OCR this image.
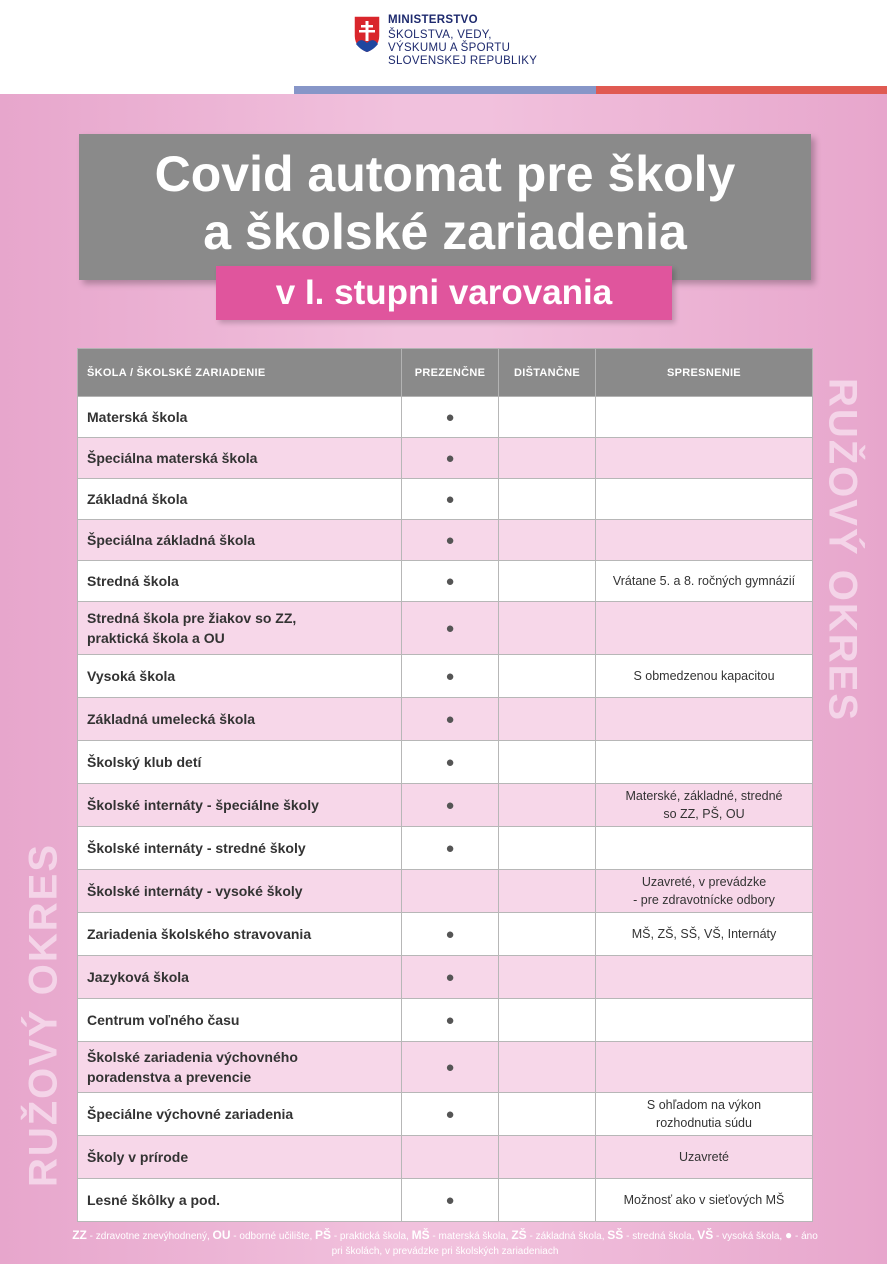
MINISTERSTVO
ŠKOLSTVA, VEDY,
VÝSKUMU A ŠPORTU
SLOVENSKEJ REPUBLIKY
RUŽOVÝ OKRES
RUŽOVÝ OKRES
Covid automat pre školy
a školské zariadenia
v I. stupni varovania
ŠKOLA / ŠKOLSKÉ ZARIADENIE	PREZENČNE	DIŠTANČNE	SPRESNENIE
Materská škola	●		
Špeciálna materská škola	●		
Základná škola	●		
Špeciálna základná škola	●		
Stredná škola	●		Vrátane 5. a 8. ročných gymnázií
Stredná škola pre žiakov so ZZ,
praktická škola a OU	●		
Vysoká škola	●		S obmedzenou kapacitou
Základná umelecká škola	●		
Školský klub detí	●		
Školské internáty - špeciálne školy	●		Materské, základné, stredné
so ZZ, PŠ, OU
Školské internáty - stredné školy	●		
Školské internáty - vysoké školy			Uzavreté, v prevádzke
- pre zdravotnícke odbory
Zariadenia školského stravovania	●		MŠ, ZŠ, SŠ, VŠ, Internáty
Jazyková škola	●		
Centrum voľného času	●		
Školské zariadenia výchovného
poradenstva a prevencie	●		
Špeciálne výchovné zariadenia	●		S ohľadom na výkon
rozhodnutia súdu
Školy v prírode			Uzavreté
Lesné škôlky a pod.	●		Možnosť ako v sieťových MŠ
ZZ - zdravotne znevýhodnený, OU - odborné učilište, PŠ - praktická škola, MŠ - materská škola, ZŠ - základná škola, SŠ - stredná škola, VŠ - vysoká škola, ● - áno pri školách, v prevádzke pri školských zariadeniach
